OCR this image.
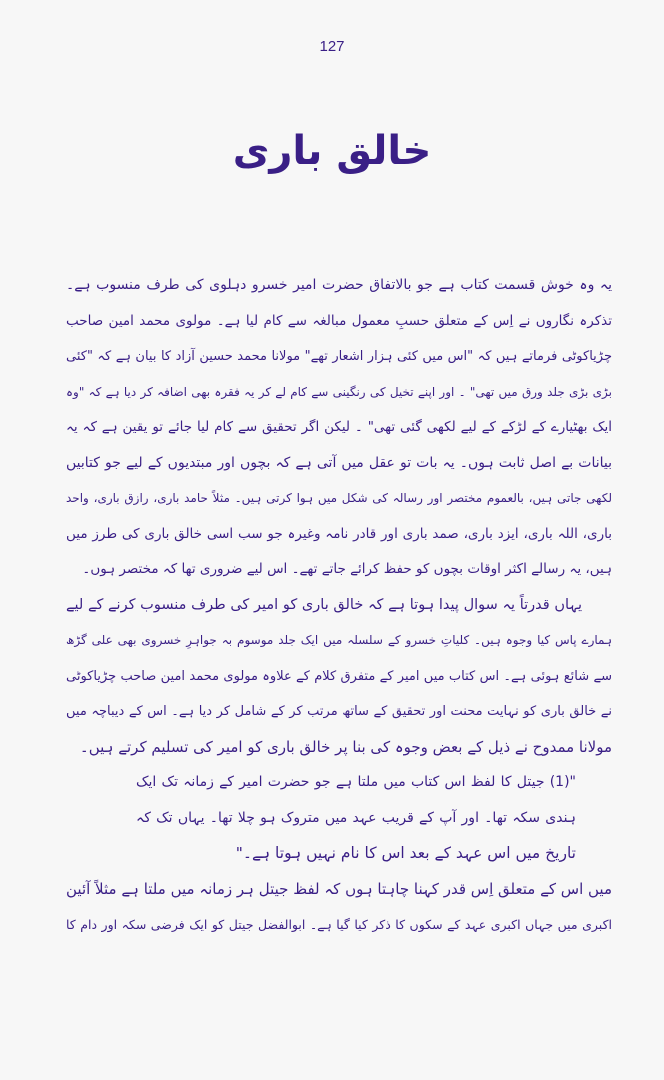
127
خالق باری
یہ وہ خوش قسمت کتاب ہے جو بالاتفاق حضرت امیر خسرو دہلوی کی طرف منسوب ہے۔
تذکرہ نگاروں نے اِس کے متعلق حسبِ معمول مبالغہ سے کام لیا ہے۔ مولوی محمد امین صاحب
چڑیاکوٹی فرماتے ہیں کہ "اس میں کئی ہزار اشعار تھے" مولانا محمد حسین آزاد کا بیان ہے کہ "کئی
بڑی بڑی جلد ورق میں تھی" ۔ اور اپنے تخیل کی رنگینی سے کام لے کر یہ فقرہ بھی اضافہ کر دیا ہے کہ "وہ
ایک بھٹیارے کے لڑکے کے لیے لکھی گئی تھی" ۔ لیکن اگر تحقیق سے کام لیا جائے تو یقین ہے کہ یہ
بیانات بے اصل ثابت ہوں۔ یہ بات تو عقل میں آتی ہے کہ بچوں اور مبتدیوں کے لیے جو کتابیں
لکھی جاتی ہیں، بالعموم مختصر اور رسالہ کی شکل میں ہوا کرتی ہیں۔ مثلاً حامد باری، رازق باری، واحد
باری، اللہ باری، ایزد باری، صمد باری اور قادر نامہ وغیرہ جو سب اسی خالق باری کی طرز میں
ہیں، یہ رسالے اکثر اوقات بچوں کو حفظ کرائے جاتے تھے۔ اس لیے ضروری تھا کہ مختصر ہوں۔
یہاں قدرتاً یہ سوال پیدا ہوتا ہے کہ خالق باری کو امیر کی طرف منسوب کرنے کے لیے
ہمارے پاس کیا وجوہ ہیں۔ کلیاتِ خسرو کے سلسلہ میں ایک جلد موسوم بہ جواہرِ خسروی بھی علی گڑھ
سے شائع ہوئی ہے۔ اس کتاب میں امیر کے متفرق کلام کے علاوہ مولوی محمد امین صاحب چڑیاکوٹی
نے خالق باری کو نہایت محنت اور تحقیق کے ساتھ مرتب کر کے شامل کر دیا ہے۔ اس کے دیباچہ میں
مولانا ممدوح نے ذیل کے بعض وجوہ کی بنا پر خالق باری کو امیر کی تسلیم کرتے ہیں۔
"(1) جیتل کا لفظ اس کتاب میں ملتا ہے جو حضرت امیر کے زمانہ تک ایک
ہندی سکہ تھا۔ اور آپ کے قریب عہد میں متروک ہو چلا تھا۔ یہاں تک کہ
تاریخ میں اس عہد کے بعد اس کا نام نہیں ہوتا ہے۔"
میں اس کے متعلق اِس قدر کہنا چاہتا ہوں کہ لفظ جیتل ہر زمانہ میں ملتا ہے مثلاً آئین
اکبری میں جہاں اکبری عہد کے سکوں کا ذکر کیا گیا ہے۔ ابوالفضل جیتل کو ایک فرضی سکہ اور دام کا
